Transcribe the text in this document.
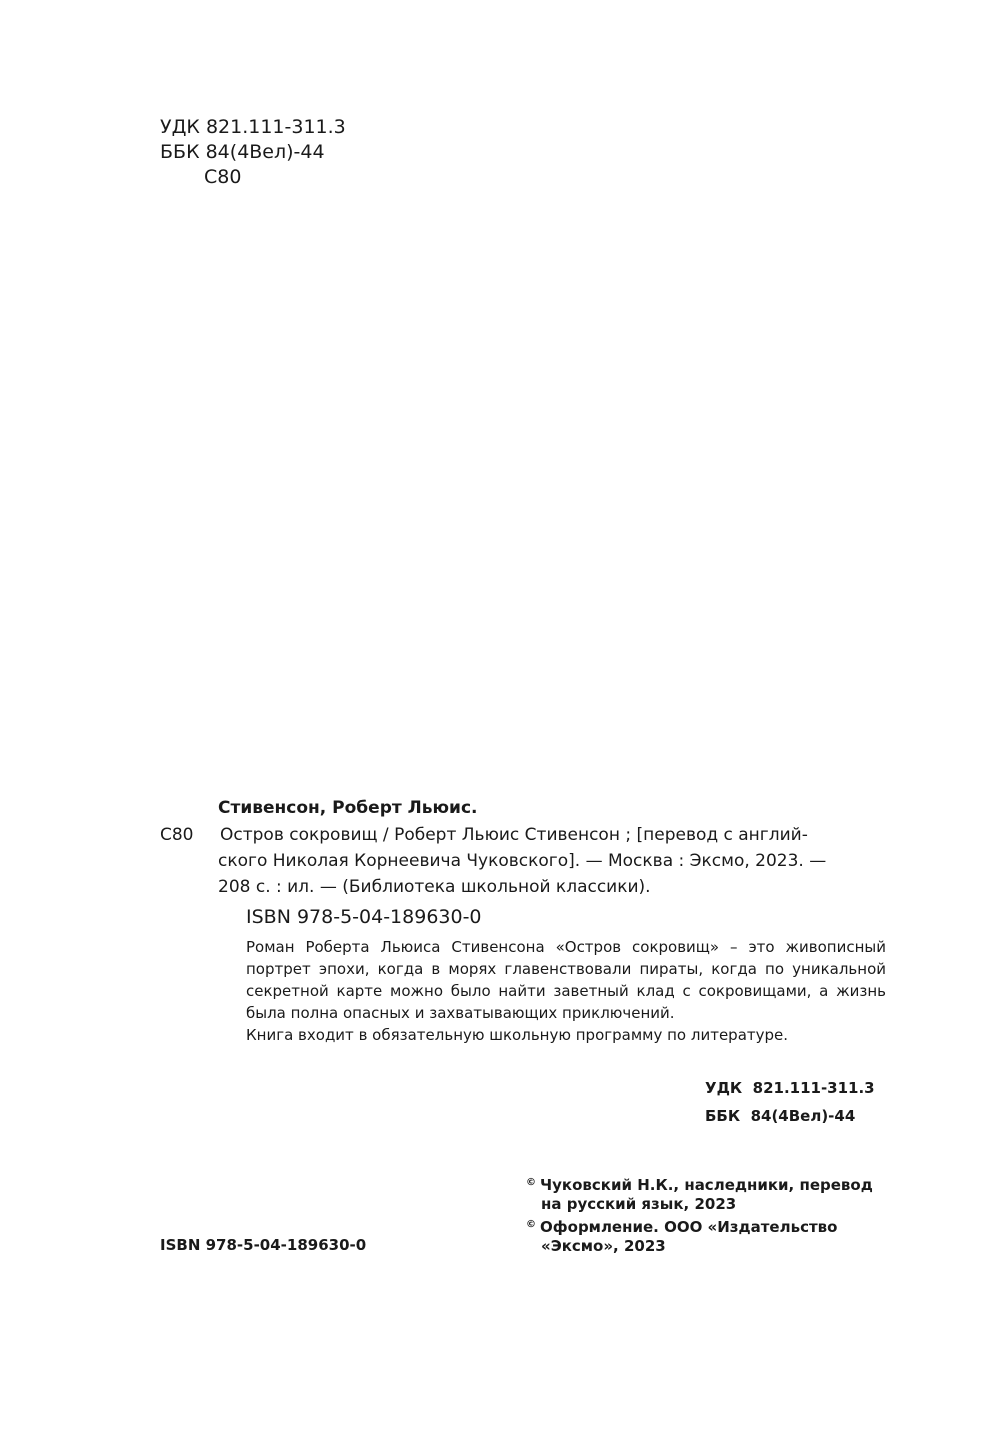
УДК 821.111-311.3
ББК 84(4Вел)-44
С80
Стивенсон, Роберт Льюис.
С80 Остров сокровищ / Роберт Льюис Стивенсон ; [перевод с англий-
ского Николая Корнеевича Чуковского]. — Москва : Эксмо, 2023. —
208 с. : ил. — (Библиотека школьной классики).
ISBN 978-5-04-189630-0
Роман Роберта Льюиса Стивенсона «Остров сокровищ» – это живописный
портрет эпохи, когда в морях главенствовали пираты, когда по уникальной
секретной карте можно было найти заветный клад с сокровищами, а жизнь
была полна опасных и захватывающих приключений.
Книга входит в обязательную школьную программу по литературе.
УДК  821.111-311.3
ББК  84(4Вел)-44
© Чуковский Н.К., наследники, перевод
на русский язык, 2023
© Оформление. ООО «Издательство
«Эксмо», 2023
ISBN 978-5-04-189630-0
